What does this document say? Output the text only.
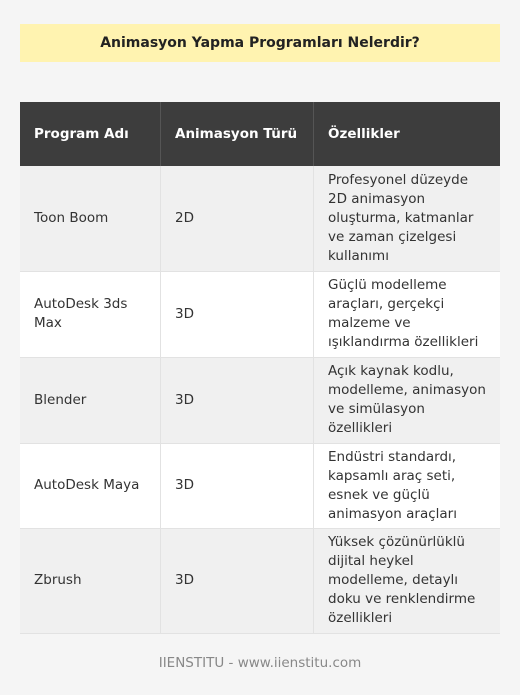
Animasyon Yapma Programları Nelerdir?
Program Adı	Animasyon Türü	Özellikler
Toon Boom	2D	Profesyonel düzeyde 2D animasyon oluşturma, katmanlar ve zaman çizelgesi kullanımı
AutoDesk 3ds Max	3D	Güçlü modelleme araçları, gerçekçi malzeme ve ışıklandırma özellikleri
Blender	3D	Açık kaynak kodlu, modelleme, animasyon ve simülasyon özellikleri
AutoDesk Maya	3D	Endüstri standardı, kapsamlı araç seti, esnek ve güçlü animasyon araçları
Zbrush	3D	Yüksek çözünürlüklü dijital heykel modelleme, detaylı doku ve renklendirme özellikleri
IIENSTITU - www.iienstitu.com
